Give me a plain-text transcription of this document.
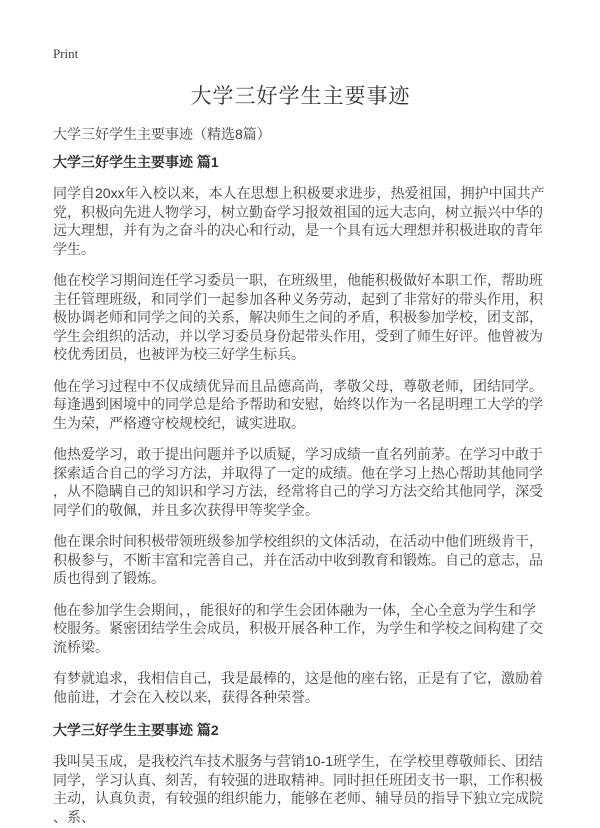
Print
大学三好学生主要事迹
大学三好学生主要事迹（精选8篇）
大学三好学生主要事迹 篇1

同学自20xx年入校以来，本人在思想上积极要求进步，热爱祖国，拥护中国共产党，积极向先进人物学习，树立勤奋学习报效祖国的远大志向，树立振兴中华的远大理想，并有为之奋斗的决心和行动，是一个具有远大理想并积极进取的青年学生。

他在校学习期间连任学习委员一职，在班级里，他能积极做好本职工作，帮助班主任管理班级，和同学们一起参加各种义务劳动，起到了非常好的带头作用，积极协调老师和同学之间的关系，解决师生之间的矛盾，积极参加学校，团支部，学生会组织的活动，并以学习委员身份起带头作用，受到了师生好评。他曾被为校优秀团员，也被评为校三好学生标兵。

他在学习过程中不仅成绩优异而且品德高尚，孝敬父母，尊敬老师，团结同学。每逢遇到困境中的同学总是给予帮助和安慰，始终以作为一名昆明理工大学的学生为荣，严格遵守校规校纪，诚实进取。

他热爱学习，敢于提出问题并予以质疑，学习成绩一直名列前茅。在学习中敢于探索适合自己的学习方法，并取得了一定的成绩。他在学习上热心帮助其他同学，从不隐瞒自己的知识和学习方法，经常将自己的学习方法交给其他同学，深受同学们的敬佩，并且多次获得甲等奖学金。

他在课余时间积极带领班级参加学校组织的文体活动，在活动中他们班级肯干，积极参与，不断丰富和完善自己，并在活动中收到教育和锻炼。自己的意志，品质也得到了锻炼。

他在参加学生会期间，，能很好的和学生会团体融为一体，全心全意为学生和学校服务。紧密团结学生会成员，积极开展各种工作，为学生和学校之间构建了交流桥梁。

有梦就追求，我相信自己，我是最棒的，这是他的座右铭，正是有了它，激励着他前进，才会在入校以来，获得各种荣誉。

大学三好学生主要事迹 篇2

我叫吴玉成，是我校汽车技术服务与营销10-1班学生，在学校里尊敬师长、团结同学，学习认真、刻苦，有较强的进取精神。同时担任班团支书一职，工作积极主动，认真负责，有较强的组织能力，能够在老师、辅导员的指导下独立完成院、系、
